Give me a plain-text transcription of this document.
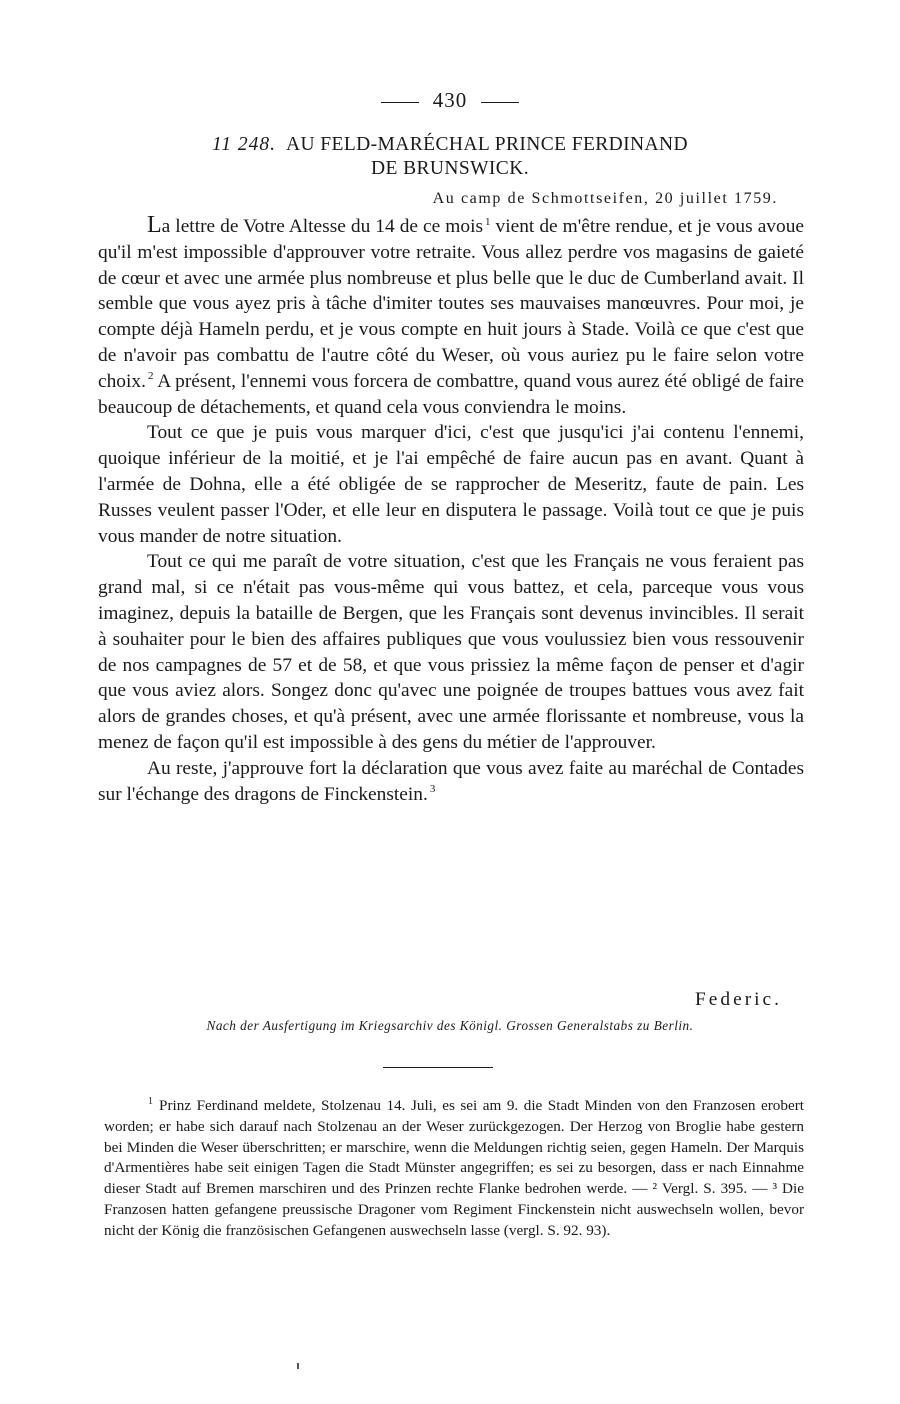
430
11 248. AU FELD-MARÉCHAL PRINCE FERDINAND
DE BRUNSWICK.
Au camp de Schmottseifen, 20 juillet 1759.

La lettre de Votre Altesse du 14 de ce mois $^1$ vient de m'être rendue, et je vous avoue qu'il m'est impossible d'approuver votre retraite. Vous allez perdre vos magasins de gaieté de cœur et avec une armée plus nombreuse et plus belle que le duc de Cumberland avait. Il semble que vous ayez pris à tâche d'imiter toutes ses mauvaises manœuvres. Pour moi, je compte déjà Hameln perdu, et je vous compte en huit jours à Stade. Voilà ce que c'est que de n'avoir pas combattu de l'autre côté du Weser, où vous auriez pu le faire selon votre choix. $^2$ A présent, l'ennemi vous forcera de combattre, quand vous aurez été obligé de faire beaucoup de détachements, et quand cela vous conviendra le moins.

Tout ce que je puis vous marquer d'ici, c'est que jusqu'ici j'ai contenu l'ennemi, quoique inférieur de la moitié, et je l'ai empêché de faire aucun pas en avant. Quant à l'armée de Dohna, elle a été obligée de se rapprocher de Meseritz, faute de pain. Les Russes veulent passer l'Oder, et elle leur en disputera le passage. Voilà tout ce que je puis vous mander de notre situation.

Tout ce qui me paraît de votre situation, c'est que les Français ne vous feraient pas grand mal, si ce n'était pas vous-même qui vous battez, et cela, parceque vous vous imaginez, depuis la bataille de Bergen, que les Français sont devenus invincibles. Il serait à souhaiter pour le bien des affaires publiques que vous voulussiez bien vous ressouvenir de nos campagnes de 57 et de 58, et que vous prissiez la même façon de penser et d'agir que vous aviez alors. Songez donc qu'avec une poignée de troupes battues vous avez fait alors de grandes choses, et qu'à présent, avec une armée florissante et nombreuse, vous la menez de façon qu'il est impossible à des gens du métier de l'approuver.

Au reste, j'approuve fort la déclaration que vous avez faite au maréchal de Contades sur l'échange des dragons de Finckenstein. $^3$

Federic.
Nach der Ausfertigung im Kriegsarchiv des Königl. Grossen Generalstabs zu Berlin.

$^1$ Prinz Ferdinand meldete, Stolzenau 14. Juli, es sei am 9. die Stadt Minden von den Franzosen erobert worden; er habe sich darauf nach Stolzenau an der Weser zurückgezogen. Der Herzog von Broglie habe gestern bei Minden die Weser überschritten; er marschire, wenn die Meldungen richtig seien, gegen Hameln. Der Marquis d'Armentières habe seit einigen Tagen die Stadt Münster angegriffen; es sei zu besorgen, dass er nach Einnahme dieser Stadt auf Bremen marschiren und des Prinzen rechte Flanke bedrohen werde. — ² Vergl. S. 395. — ³ Die Franzosen hatten gefangene preussische Dragoner vom Regiment Finckenstein nicht auswechseln wollen, bevor nicht der König die französischen Gefangenen auswechseln lasse (vergl. S. 92. 93).
